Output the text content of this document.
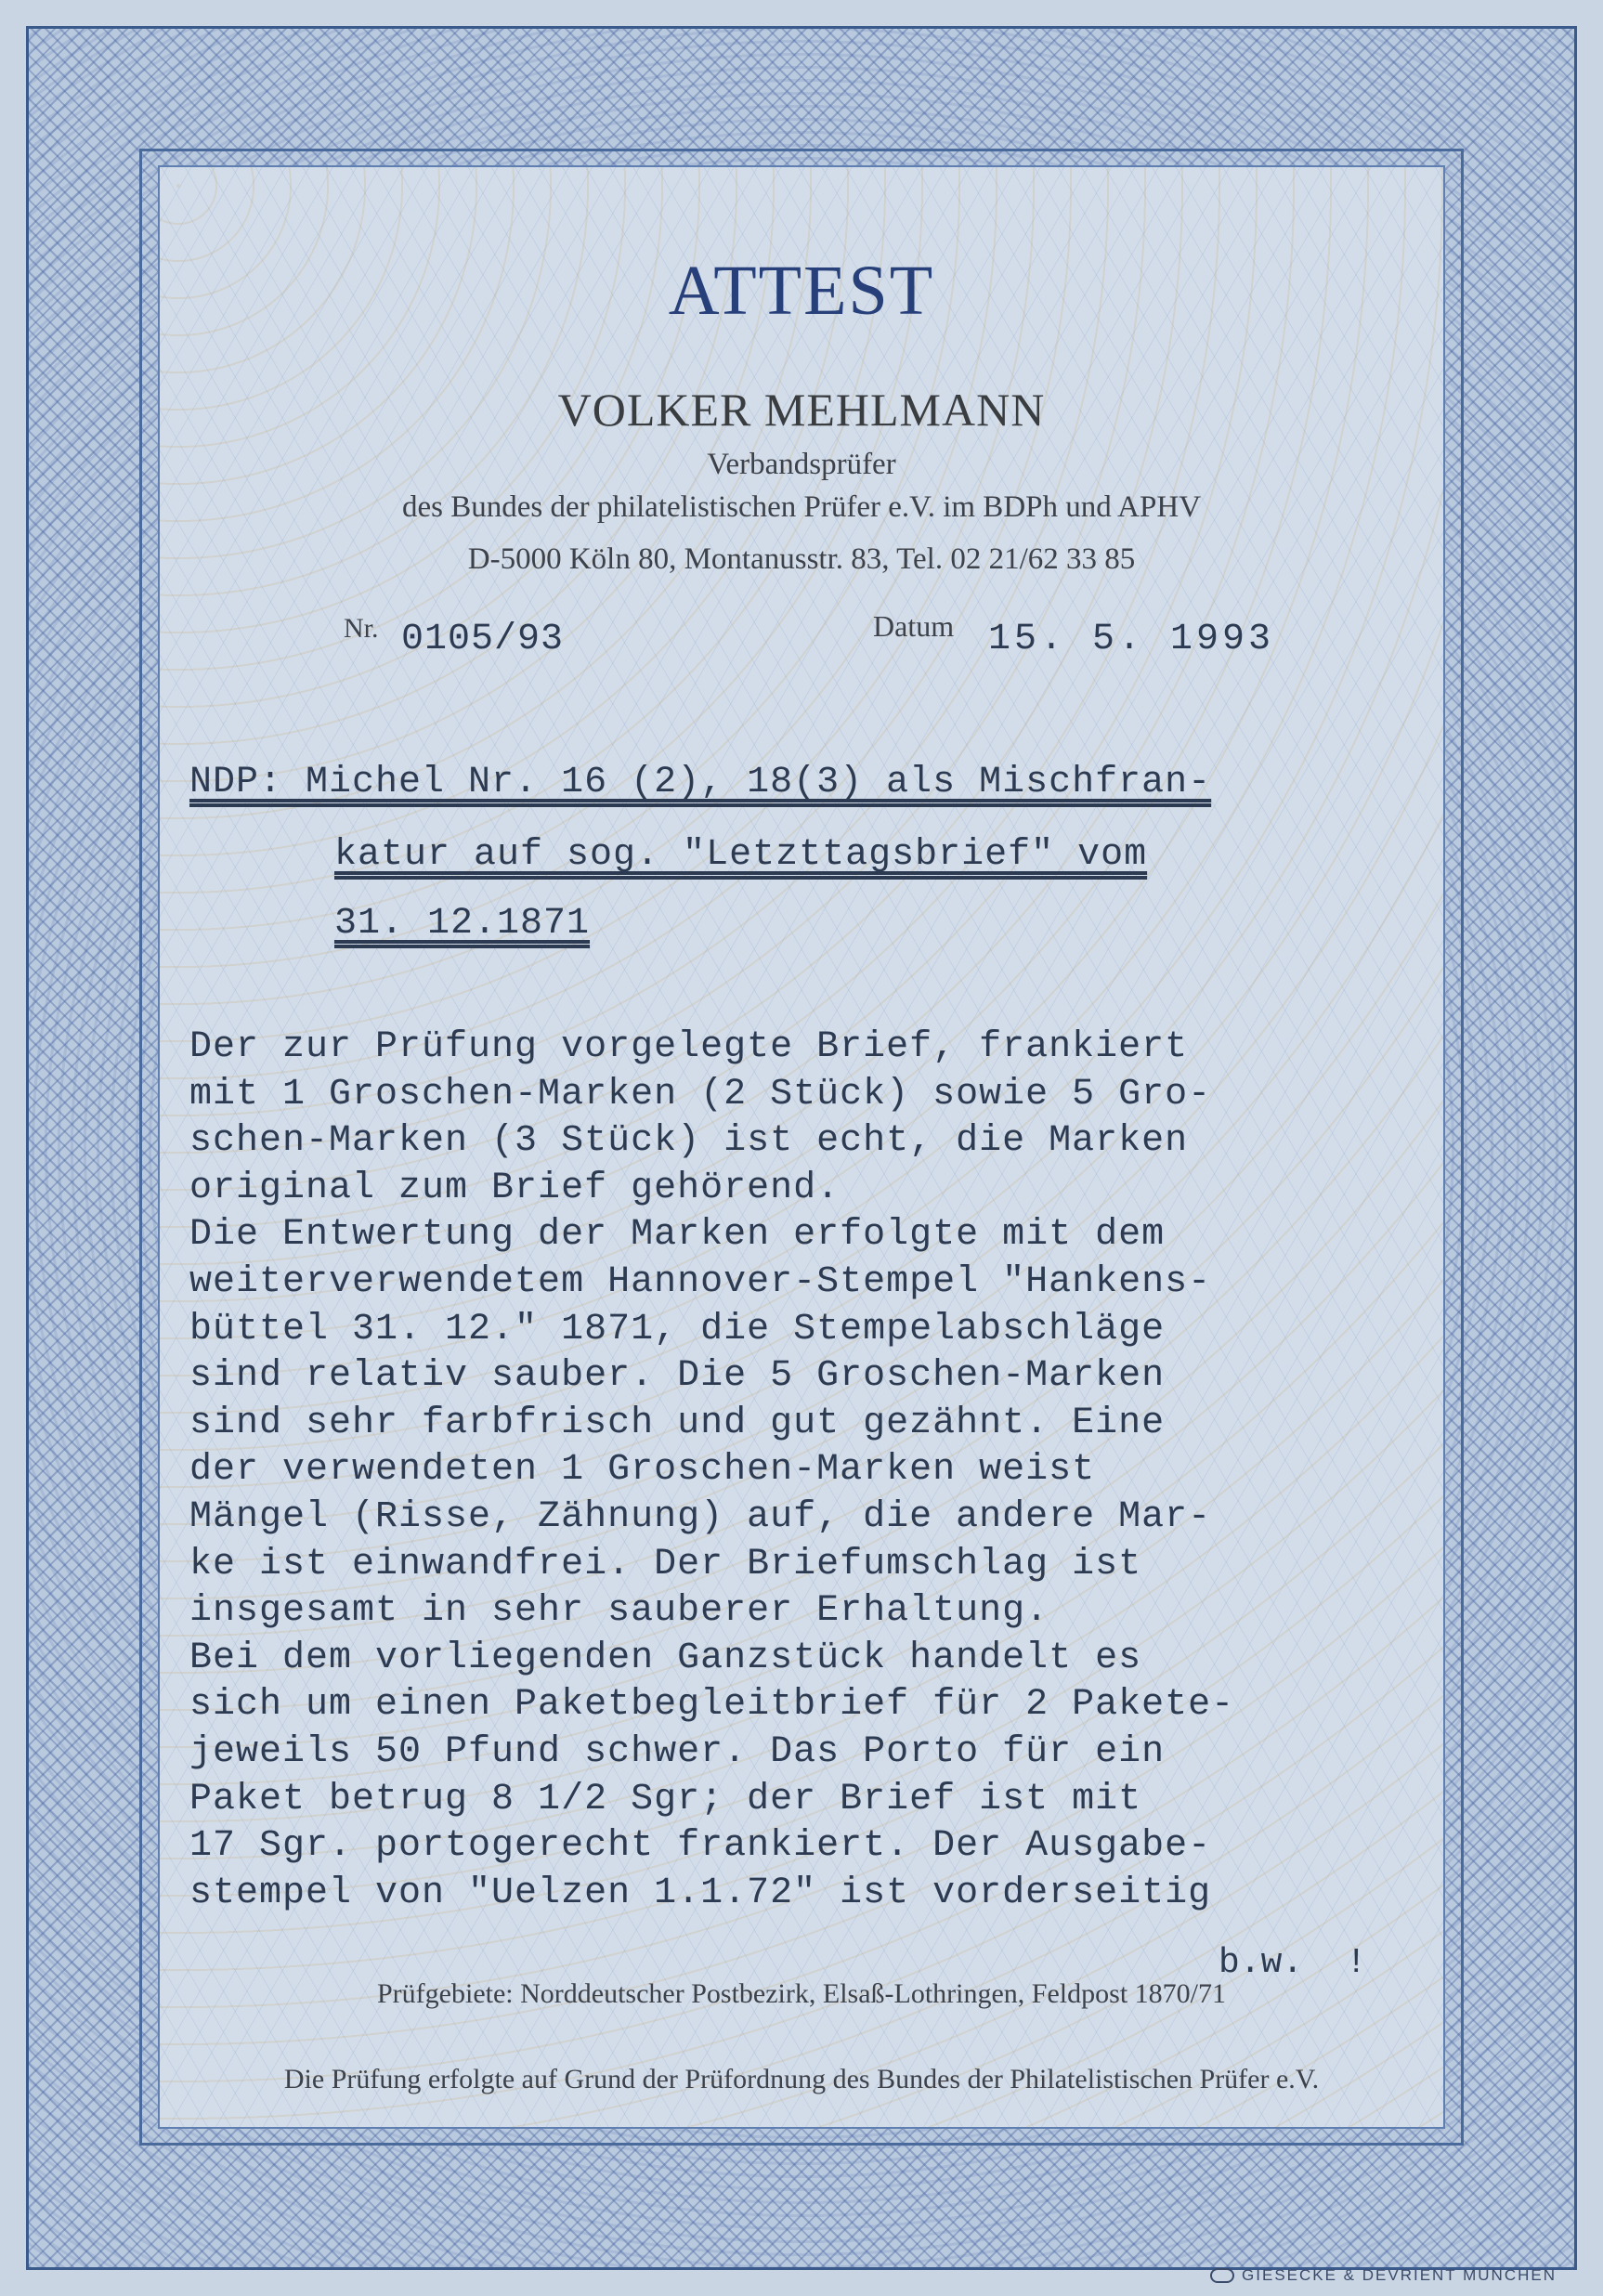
ATTEST
VOLKER MEHLMANN
Verbandsprüfer
des Bundes der philatelistischen Prüfer e.V. im BDPh und APHV
D-5000 Köln 80, Montanusstr. 83, Tel. 02 21/62 33 85
Nr. 0105/93	Datum 15. 5. 1993
NDP: Michel Nr. 16 (2), 18(3) als Mischfran-
katur auf sog. "Letzttagsbrief" vom
31. 12.1871
Der zur Prüfung vorgelegte Brief, frankiert
mit 1 Groschen-Marken (2 Stück) sowie 5 Gro-
schen-Marken (3 Stück) ist echt, die Marken
original zum Brief gehörend.
Die Entwertung der Marken erfolgte mit dem
weiterverwendetem Hannover-Stempel "Hankens-
büttel 31. 12." 1871, die Stempelabschläge
sind relativ sauber. Die 5 Groschen-Marken
sind sehr farbfrisch und gut gezähnt. Eine
der verwendeten 1 Groschen-Marken weist
Mängel (Risse, Zähnung) auf, die andere Mar-
ke ist einwandfrei. Der Briefumschlag ist
insgesamt in sehr sauberer Erhaltung.
Bei dem vorliegenden Ganzstück handelt es
sich um einen Paketbegleitbrief für 2 Pakete-
jeweils 50 Pfund schwer. Das Porto für ein
Paket betrug 8 1/2 Sgr; der Brief ist mit
17 Sgr. portogerecht frankiert. Der Ausgabe-
stempel von "Uelzen 1.1.72" ist vorderseitig
b.w.  !
Prüfgebiete: Norddeutscher Postbezirk, Elsaß-Lothringen, Feldpost 1870/71
Die Prüfung erfolgte auf Grund der Prüfordnung des Bundes der Philatelistischen Prüfer e.V.
GIESECKE & DEVRIENT MÜNCHEN
